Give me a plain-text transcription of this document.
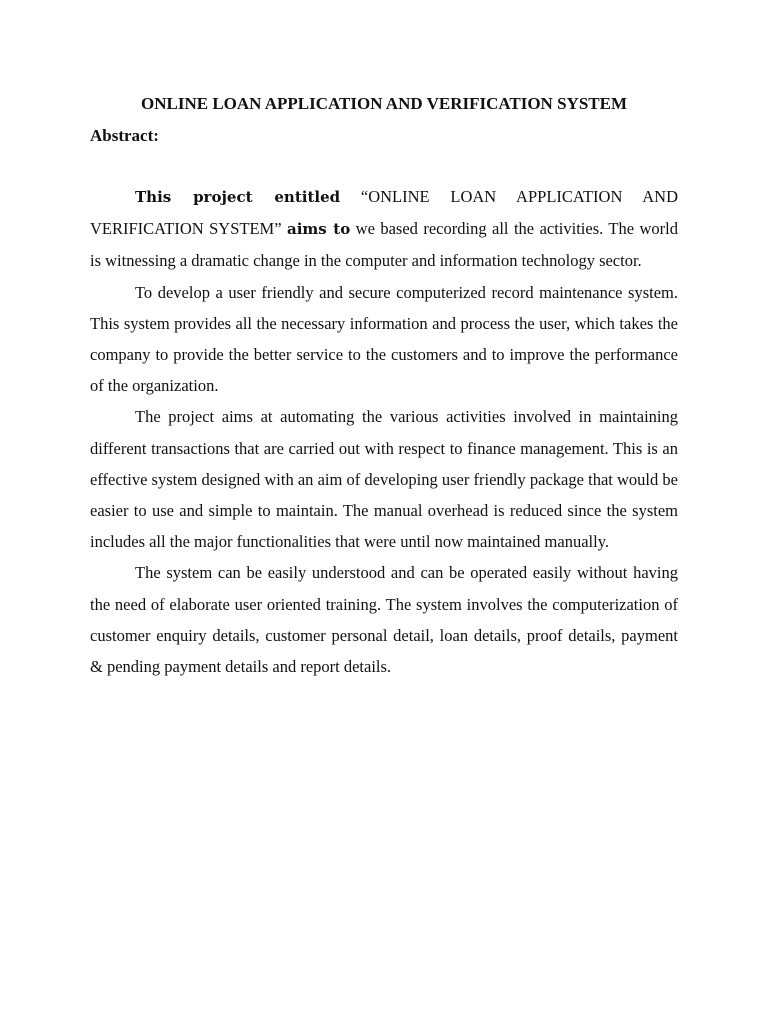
ONLINE LOAN APPLICATION AND VERIFICATION SYSTEM
Abstract:

This project entitled “ONLINE LOAN APPLICATION AND VERIFICATION SYSTEM” aims to we based recording all the activities. The world is witnessing a dramatic change in the computer and information technology sector.

To develop a user friendly and secure computerized record maintenance system. This system provides all the necessary information and process the user, which takes the company to provide the better service to the customers and to improve the performance of the organization.

The project aims at automating the various activities involved in maintaining different transactions that are carried out with respect to finance management. This is an effective system designed with an aim of developing user friendly package that would be easier to use and simple to maintain. The manual overhead is reduced since the system includes all the major functionalities that were until now maintained manually.

The system can be easily understood and can be operated easily without having the need of elaborate user oriented training. The system involves the computerization of customer enquiry details, customer personal detail, loan details, proof details, payment & pending payment details and report details.
